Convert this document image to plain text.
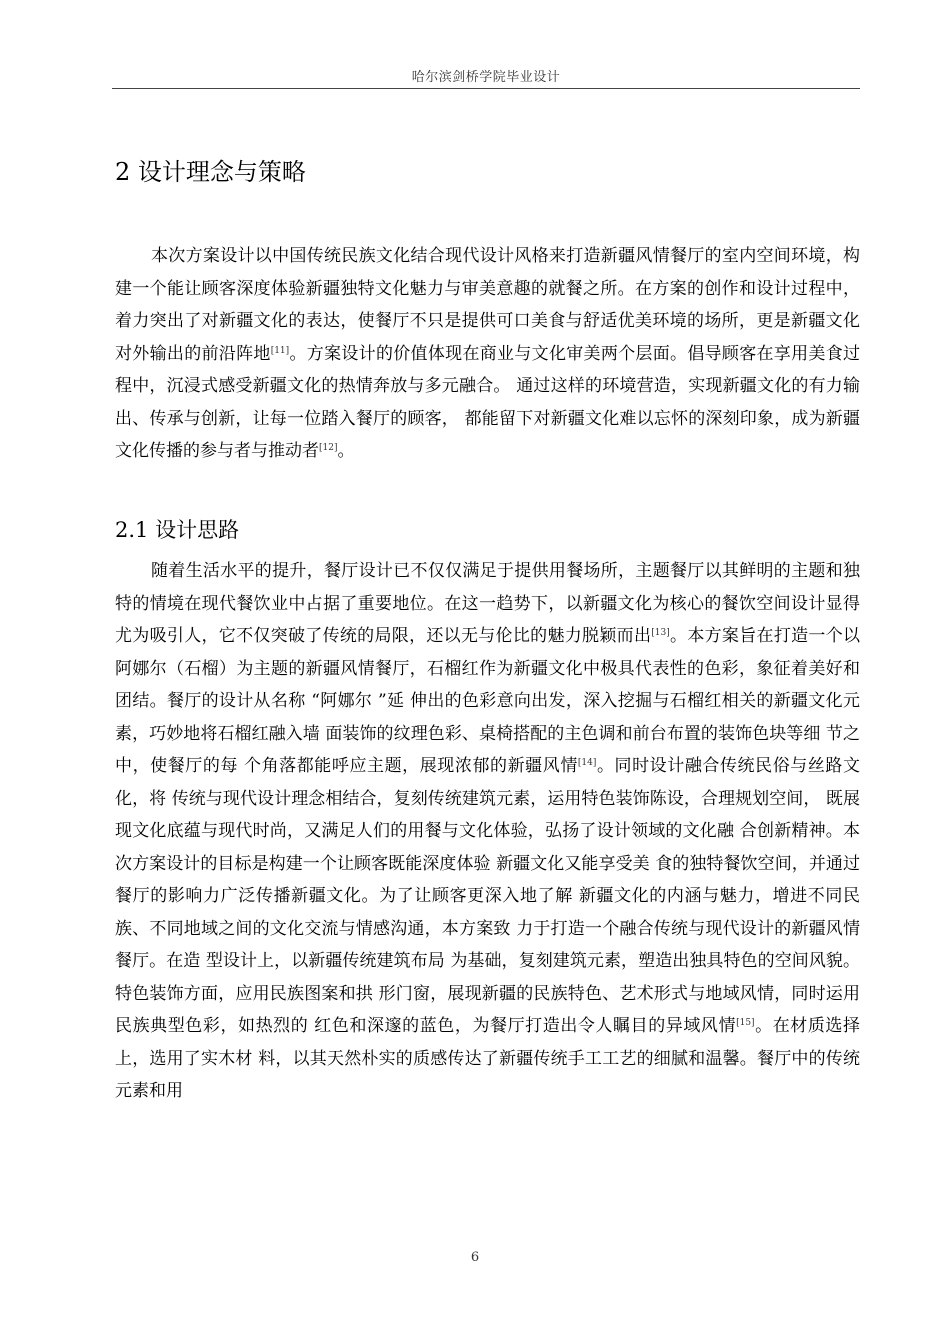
哈尔滨剑桥学院毕业设计
2 设计理念与策略

本次方案设计以中国传统民族文化结合现代设计风格来打造新疆风情餐厅的室内空间环境，构建一个能让顾客深度体验新疆独特文化魅力与审美意趣的就餐之所。在方案的创作和设计过程中，着力突出了对新疆文化的表达，使餐厅不只是提供可口美食与舒适优美环境的场所，更是新疆文化对外输出的前沿阵地[11]。方案设计的价值体现在商业与文化审美两个层面。倡导顾客在享用美食过程中，沉浸式感受新疆文化的热情奔放与多元融合。 通过这样的环境营造，实现新疆文化的有力输出、传承与创新，让每一位踏入餐厅的顾客， 都能留下对新疆文化难以忘怀的深刻印象，成为新疆文化传播的参与者与推动者[12]。

2.1 设计思路

随着生活水平的提升，餐厅设计已不仅仅满足于提供用餐场所，主题餐厅以其鲜明的主题和独特的情境在现代餐饮业中占据了重要地位。在这一趋势下，以新疆文化为核心的餐饮空间设计显得尤为吸引人，它不仅突破了传统的局限，还以无与伦比的魅力脱颖而出[13]。本方案旨在打造一个以阿娜尔（石榴）为主题的新疆风情餐厅，石榴红作为新疆文化中极具代表性的色彩，象征着美好和团结。餐厅的设计从名称 “阿娜尔 ”延 伸出的色彩意向出发，深入挖掘与石榴红相关的新疆文化元素，巧妙地将石榴红融入墙 面装饰的纹理色彩、桌椅搭配的主色调和前台布置的装饰色块等细 节之中，使餐厅的每 个角落都能呼应主题，展现浓郁的新疆风情[14]。同时设计融合传统民俗与丝路文化，将 传统与现代设计理念相结合，复刻传统建筑元素，运用特色装饰陈设，合理规划空间， 既展现文化底蕴与现代时尚，又满足人们的用餐与文化体验，弘扬了设计领域的文化融 合创新精神。本次方案设计的目标是构建一个让顾客既能深度体验 新疆文化又能享受美 食的独特餐饮空间，并通过餐厅的影响力广泛传播新疆文化。为了让顾客更深入地了解 新疆文化的内涵与魅力，增进不同民族、不同地域之间的文化交流与情感沟通，本方案致 力于打造一个融合传统与现代设计的新疆风情餐厅。在造 型设计上，以新疆传统建筑布局 为基础，复刻建筑元素，塑造出独具特色的空间风貌。特色装饰方面，应用民族图案和拱 形门窗，展现新疆的民族特色、艺术形式与地域风情，同时运用民族典型色彩，如热烈的 红色和深邃的蓝色，为餐厅打造出令人瞩目的异域风情[15]。在材质选择上，选用了实木材 料，以其天然朴实的质感传达了新疆传统手工工艺的细腻和温馨。餐厅中的传统元素和用

6
